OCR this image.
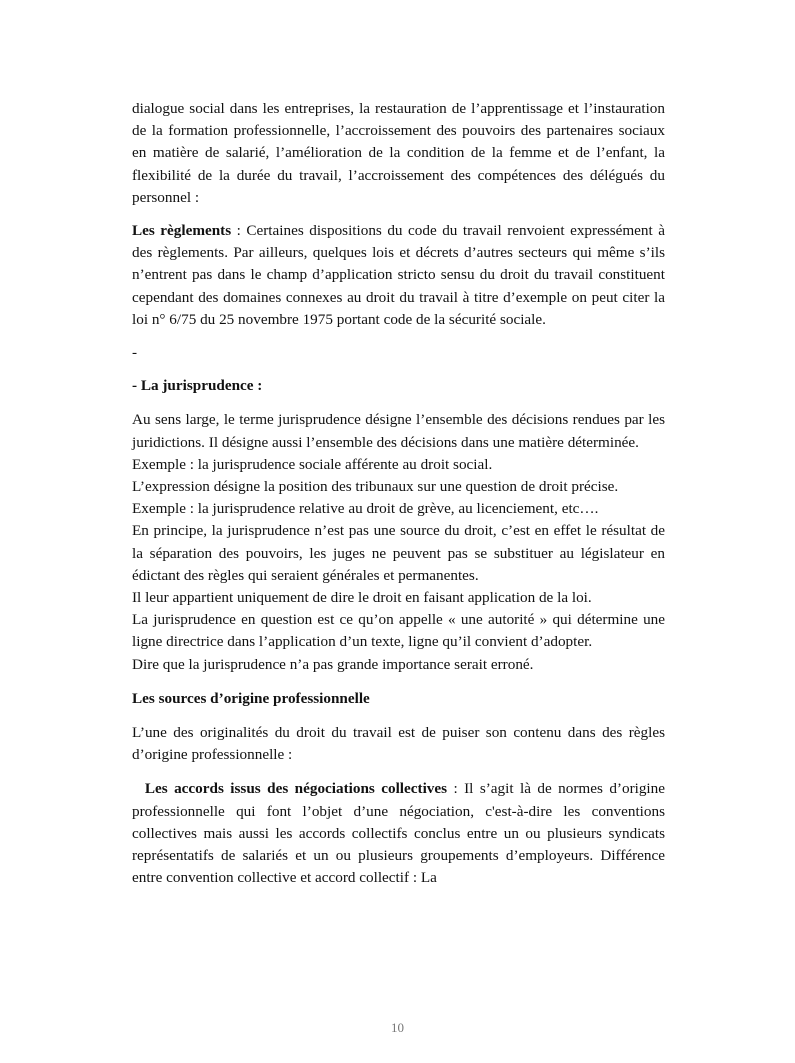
dialogue social dans les entreprises, la restauration de l’apprentissage et l’instauration de la formation professionnelle, l’accroissement des pouvoirs des partenaires sociaux en matière de salarié, l’amélioration de la condition de la femme et de l’enfant, la flexibilité de la durée du travail, l’accroissement des compétences des délégués du personnel :

Les règlements : Certaines dispositions du code du travail renvoient expressément à des règlements. Par ailleurs, quelques lois et décrets d’autres secteurs qui même s’ils n’entrent pas dans le champ d’application stricto sensu du droit du travail constituent cependant des domaines connexes au droit du travail à titre d’exemple on peut citer la loi n° 6/75 du 25 novembre 1975 portant code de la sécurité sociale.

-

- La jurisprudence :

Au sens large, le terme jurisprudence désigne l’ensemble des décisions rendues par les juridictions. Il désigne aussi l’ensemble des décisions dans une matière déterminée.

Exemple : la jurisprudence sociale afférente au droit social.

L’expression désigne la position des tribunaux sur une question de droit précise.

Exemple : la jurisprudence relative au droit de grève, au licenciement, etc….

En principe, la jurisprudence n’est pas une source du droit, c’est en effet le résultat de la séparation des pouvoirs, les juges ne peuvent pas se substituer au législateur en édictant des règles qui seraient générales et permanentes.

Il leur appartient uniquement de dire le droit en faisant application de la loi.

La jurisprudence en question est ce qu’on appelle « une autorité » qui détermine une ligne directrice dans l’application d’un texte, ligne qu’il convient d’adopter.

Dire que la jurisprudence n’a pas grande importance serait erroné.

Les sources d’origine professionnelle

L’une des originalités du droit du travail est de puiser son contenu dans des règles d’origine professionnelle :

Les accords issus des négociations collectives : Il s’agit là de normes d’origine professionnelle qui font l’objet d’une négociation, c'est-à-dire les conventions collectives mais aussi les accords collectifs conclus entre un ou plusieurs syndicats représentatifs de salariés et un ou plusieurs groupements d’employeurs. Différence entre convention collective et accord collectif : La

10
